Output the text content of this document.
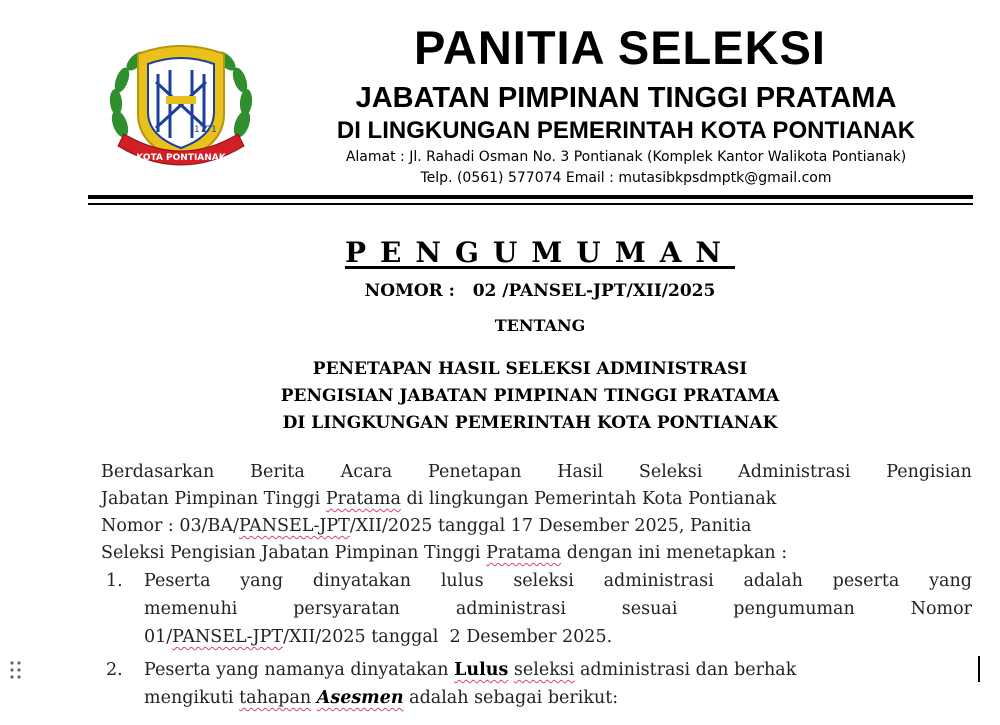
1771
KOTA PONTIANAK
PANITIA SELEKSI
JABATAN PIMPINAN TINGGI PRATAMA
DI LINGKUNGAN PEMERINTAH KOTA PONTIANAK
Alamat : Jl. Rahadi Osman No. 3 Pontianak (Komplek Kantor Walikota Pontianak)
Telp. (0561) 577074 Email : mutasibkpsdmptk@gmail.com
PENGUMUMAN
NOMOR :   02 /PANSEL-JPT/XII/2025
TENTANG
PENETAPAN HASIL SELEKSI ADMINISTRASI
PENGISIAN JABATAN PIMPINAN TINGGI PRATAMA
DI LINGKUNGAN PEMERINTAH KOTA PONTIANAK
Berdasarkan Berita Acara Penetapan Hasil Seleksi Administrasi Pengisian
Jabatan Pimpinan Tinggi Pratama di lingkungan Pemerintah Kota Pontianak
Nomor : 03/BA/PANSEL-JPT/XII/2025 tanggal 17 Desember 2025, Panitia
Seleksi Pengisian Jabatan Pimpinan Tinggi Pratama dengan ini menetapkan :
1. Peserta yang dinyatakan lulus seleksi administrasi adalah peserta yang
memenuhi	persyaratan	administrasi	sesuai	pengumuman	Nomor
01/PANSEL-JPT/XII/2025 tanggal  2 Desember 2025.
2. Peserta yang namanya dinyatakan Lulus seleksi administrasi dan berhak
mengikuti tahapan Asesmen adalah sebagai berikut:
